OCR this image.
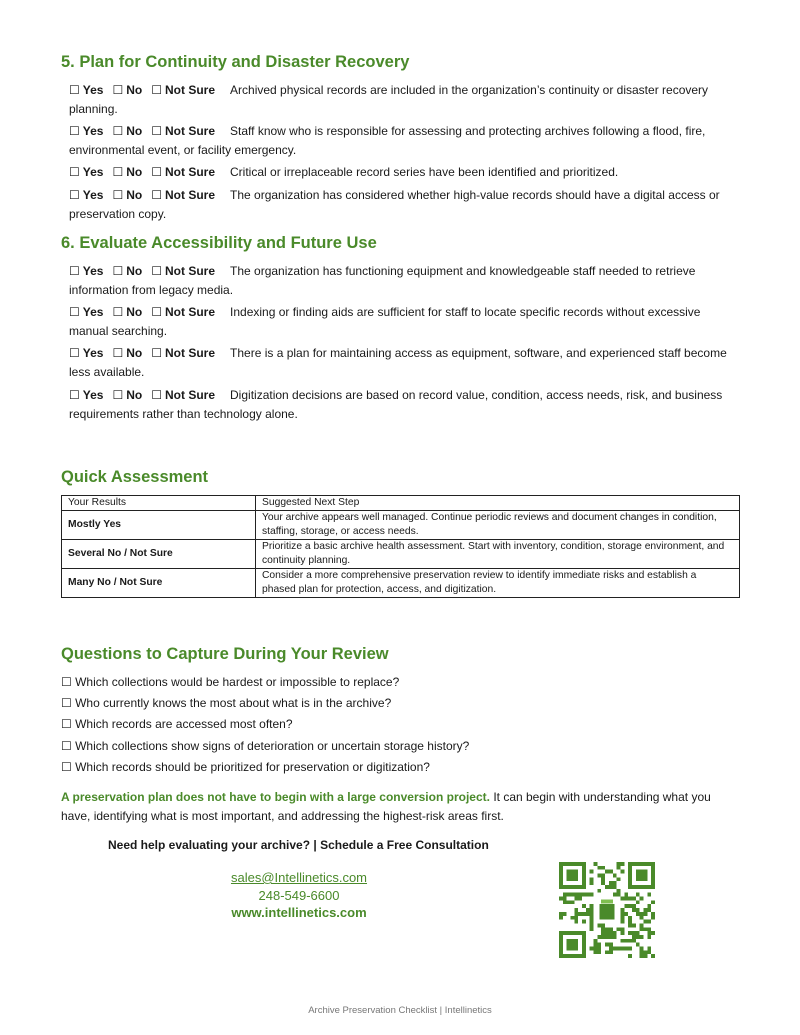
5. Plan for Continuity and Disaster Recovery
☐ Yes ☐ No ☐ Not Sure Archived physical records are included in the organization’s continuity or disaster recovery planning.
☐ Yes ☐ No ☐ Not Sure Staff know who is responsible for assessing and protecting archives following a flood, fire, environmental event, or facility emergency.
☐ Yes ☐ No ☐ Not Sure Critical or irreplaceable record series have been identified and prioritized.
☐ Yes ☐ No ☐ Not Sure The organization has considered whether high-value records should have a digital access or preservation copy.
6. Evaluate Accessibility and Future Use
☐ Yes ☐ No ☐ Not Sure The organization has functioning equipment and knowledgeable staff needed to retrieve information from legacy media.
☐ Yes ☐ No ☐ Not Sure Indexing or finding aids are sufficient for staff to locate specific records without excessive manual searching.
☐ Yes ☐ No ☐ Not Sure There is a plan for maintaining access as equipment, software, and experienced staff become less available.
☐ Yes ☐ No ☐ Not Sure Digitization decisions are based on record value, condition, access needs, risk, and business requirements rather than technology alone.
Quick Assessment
Your Results	Suggested Next Step
Mostly Yes	Your archive appears well managed. Continue periodic reviews and document changes in condition, staffing, storage, or access needs.
Several No / Not Sure	Prioritize a basic archive health assessment. Start with inventory, condition, storage environment, and continuity planning.
Many No / Not Sure	Consider a more comprehensive preservation review to identify immediate risks and establish a phased plan for protection, access, and digitization.
Questions to Capture During Your Review
☐ Which collections would be hardest or impossible to replace?
☐ Who currently knows the most about what is in the archive?
☐ Which records are accessed most often?
☐ Which collections show signs of deterioration or uncertain storage history?
☐ Which records should be prioritized for preservation or digitization?
A preservation plan does not have to begin with a large conversion project. It can begin with understanding what you have, identifying what is most important, and addressing the highest-risk areas first.
Need help evaluating your archive? | Schedule a Free Consultation
sales@Intellinetics.com
248-549-6600
www.intellinetics.com
Archive Preservation Checklist | Intellinetics
